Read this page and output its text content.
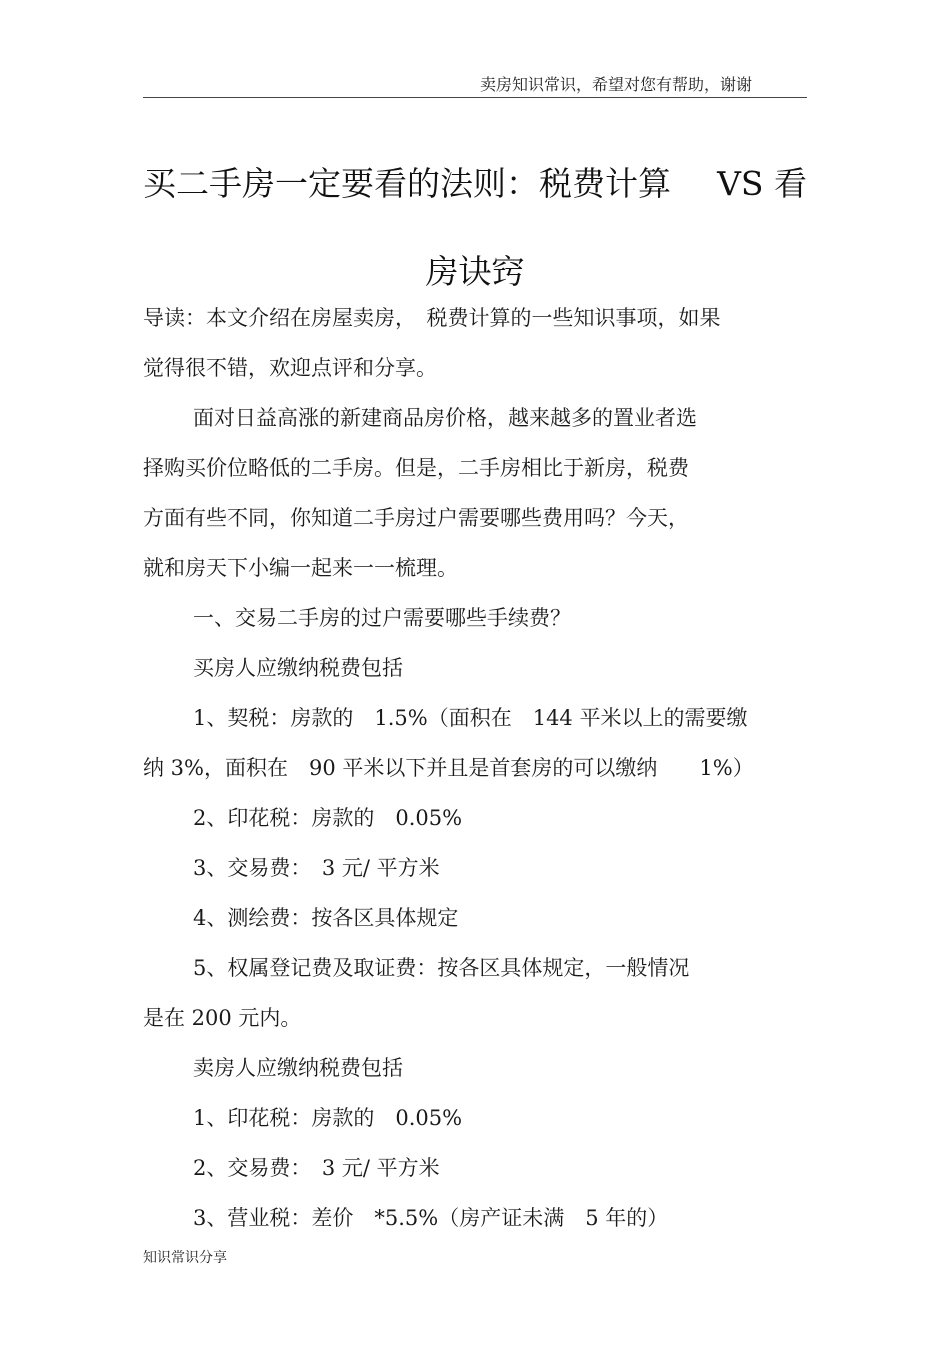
卖房知识常识，希望对您有帮助，谢谢
买二手房一定要看的法则：税费计算 VS 看
房诀窍

导读：本文介绍在房屋卖房，　税费计算的一些知识事项，如果

觉得很不错，欢迎点评和分享。

面对日益高涨的新建商品房价格，越来越多的置业者选

择购买价位略低的二手房。但是，二手房相比于新房，税费

方面有些不同，你知道二手房过户需要哪些费用吗？今天，

就和房天下小编一起来一一梳理。

一、交易二手房的过户需要哪些手续费？

买房人应缴纳税费包括

1、契税：房款的　1.5%（面积在　144 平米以上的需要缴

纳 3%，面积在　90 平米以下并且是首套房的可以缴纳　　1%）

2、印花税：房款的　0.05%

3、交易费：　3 元/ 平方米

4、测绘费：按各区具体规定

5、权属登记费及取证费：按各区具体规定，一般情况

是在 200 元内。

卖房人应缴纳税费包括

1、印花税：房款的　0.05%

2、交易费：　3 元/ 平方米

3、营业税：差价　*5.5%（房产证未满　5 年的）

知识常识分享
